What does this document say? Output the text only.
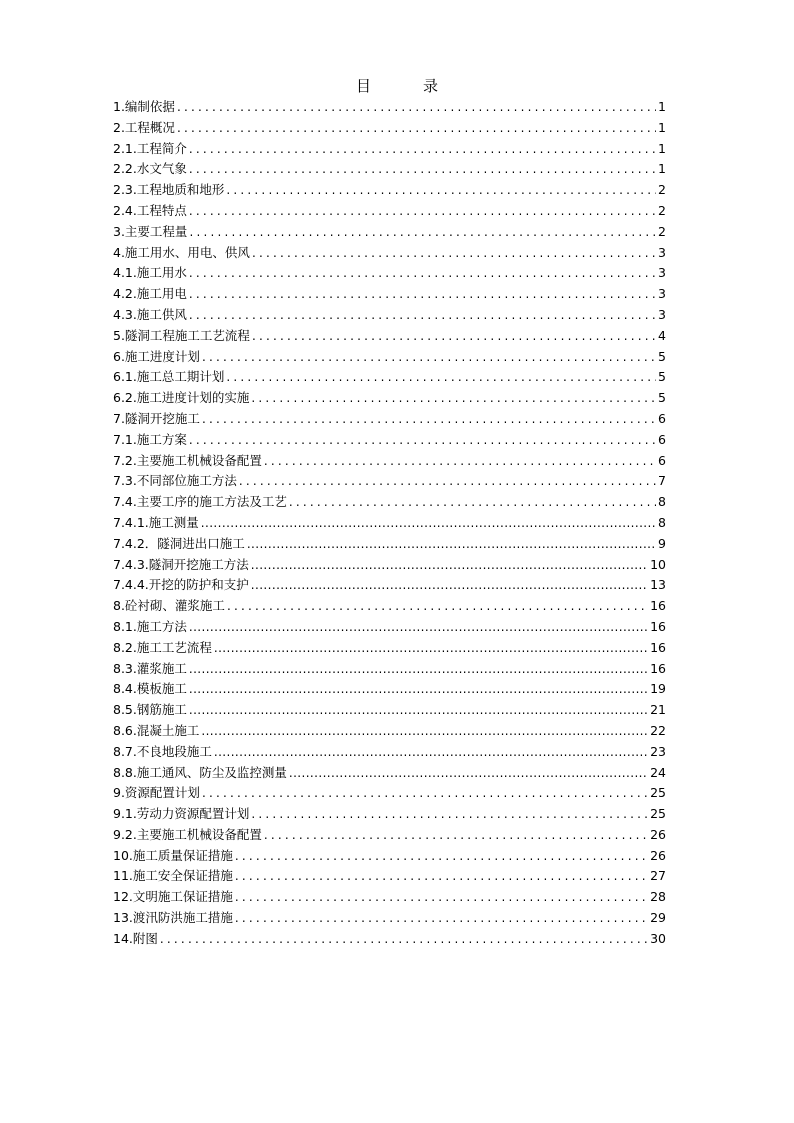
目	录
1.编制依据 .....	1
2.工程概况 .....	1
2.1.工程简介 .....	1
2.2.水文气象 .....	1
2.3.工程地质和地形 .....	2
2.4.工程特点 .....	2
3.主要工程量 .....	2
4.施工用水、用电、供风 .....	3
4.1.施工用水 .....	3
4.2.施工用电 .....	3
4.3.施工供风 .....	3
5.隧洞工程施工工艺流程 .....	4
6.施工进度计划 .....	5
6.1.施工总工期计划 .....	5
6.2.施工进度计划的实施 .....	5
7.隧洞开挖施工 .....	6
7.1.施工方案 .....	6
7.2.主要施工机械设备配置 .....	6
7.3.不同部位施工方法 .....	7
7.4.主要工序的施工方法及工艺 .....	8
7.4.1.施工测量 .....	8
7.4.2．隧洞进出口施工 .....	9
7.4.3.隧洞开挖施工方法 .....	10
7.4.4.开挖的防护和支护 .....	13
8.砼衬砌、灌浆施工 .....	16
8.1.施工方法 .....	16
8.2.施工工艺流程 .....	16
8.3.灌浆施工 .....	16
8.4.模板施工 .....	19
8.5.钢筋施工 .....	21
8.6.混凝土施工 .....	22
8.7.不良地段施工 .....	23
8.8.施工通风、防尘及监控测量 .....	24
9.资源配置计划 .....	25
9.1.劳动力资源配置计划 .....	25
9.2.主要施工机械设备配置 .....	26
10.施工质量保证措施 .....	26
11.施工安全保证措施 .....	27
12.文明施工保证措施 .....	28
13.渡汛防洪施工措施 .....	29
14.附图 .....	30
